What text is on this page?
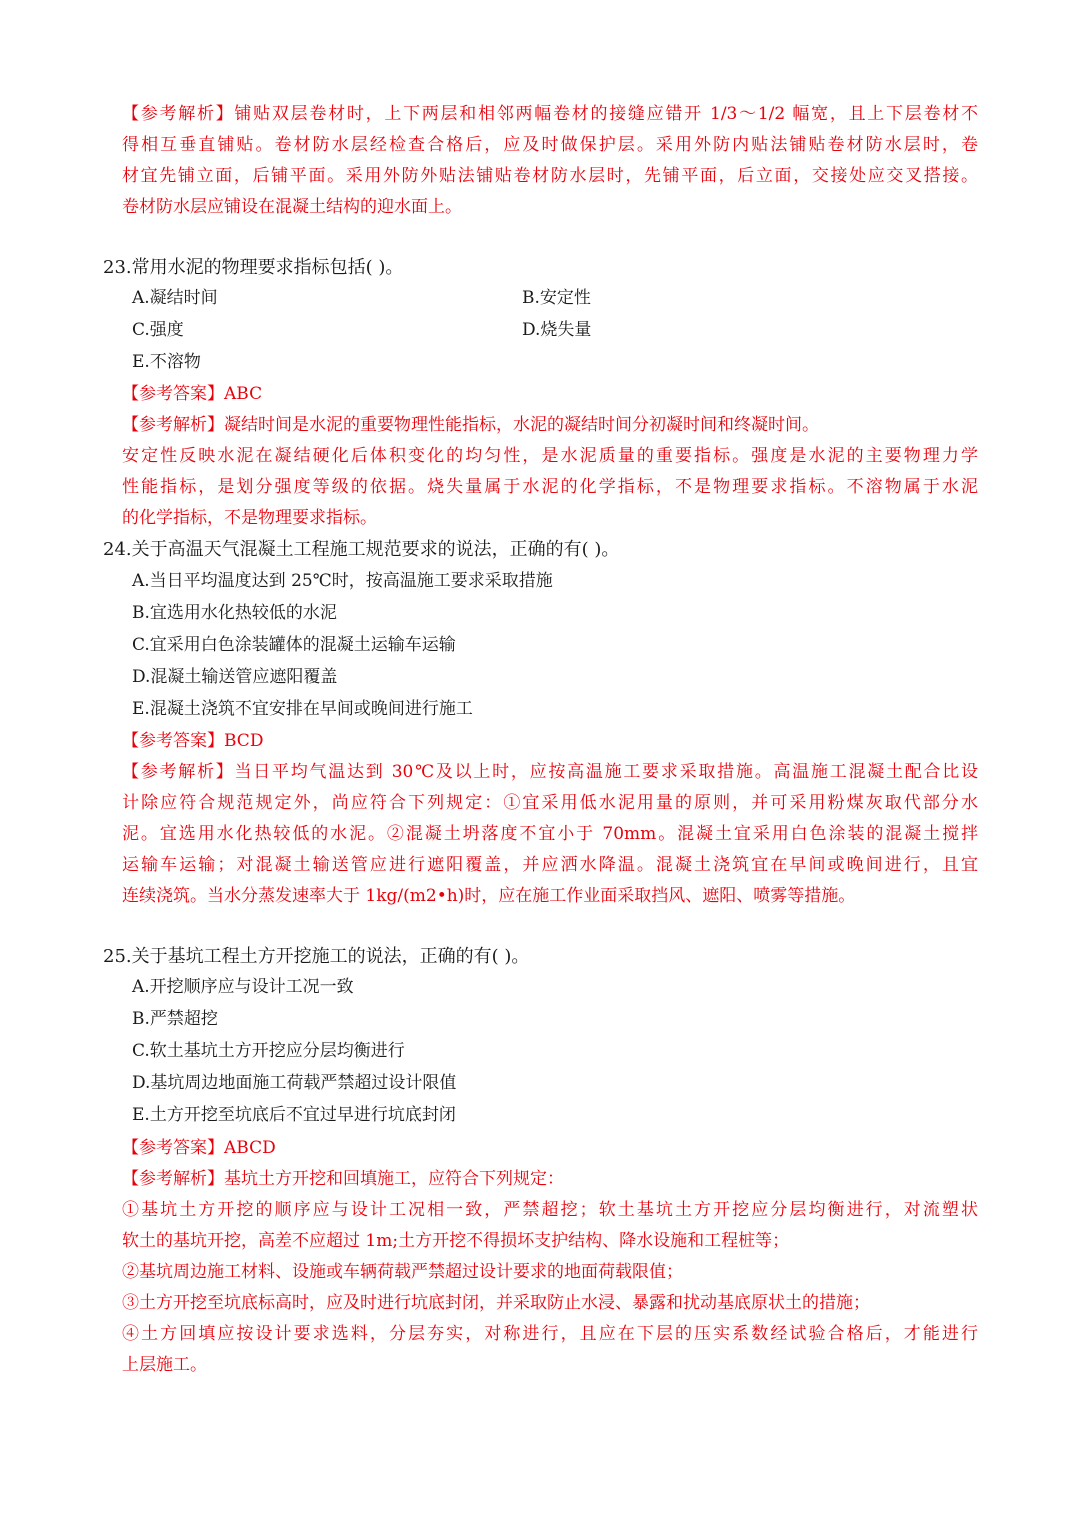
【参考解析】铺贴双层卷材时，上下两层和相邻两幅卷材的接缝应错开 1/3～1/2 幅宽，且上下层卷材不
得相互垂直铺贴。卷材防水层经检查合格后，应及时做保护层。采用外防内贴法铺贴卷材防水层时，卷
材宜先铺立面，后铺平面。采用外防外贴法铺贴卷材防水层时，先铺平面，后立面，交接处应交叉搭接。
卷材防水层应铺设在混凝土结构的迎水面上。
23.常用水泥的物理要求指标包括( )。
A.凝结时间	B.安定性
C.强度	D.烧失量
E.不溶物
【参考答案】ABC
【参考解析】凝结时间是水泥的重要物理性能指标，水泥的凝结时间分初凝时间和终凝时间。
安定性反映水泥在凝结硬化后体积变化的均匀性，是水泥质量的重要指标。强度是水泥的主要物理力学
性能指标，是划分强度等级的依据。烧失量属于水泥的化学指标，不是物理要求指标。不溶物属于水泥
的化学指标，不是物理要求指标。
24.关于高温天气混凝土工程施工规范要求的说法，正确的有( )。
A.当日平均温度达到 25℃时，按高温施工要求采取措施
B.宜选用水化热较低的水泥
C.宜采用白色涂装罐体的混凝土运输车运输
D.混凝土输送管应遮阳覆盖
E.混凝土浇筑不宜安排在早间或晚间进行施工
【参考答案】BCD
【参考解析】当日平均气温达到 30℃及以上时，应按高温施工要求采取措施。高温施工混凝土配合比设
计除应符合规范规定外，尚应符合下列规定：①宜采用低水泥用量的原则，并可采用粉煤灰取代部分水
泥。宜选用水化热较低的水泥。②混凝土坍落度不宜小于 70mm。混凝土宜采用白色涂装的混凝土搅拌
运输车运输；对混凝土输送管应进行遮阳覆盖，并应洒水降温。混凝土浇筑宜在早间或晚间进行，且宜
连续浇筑。当水分蒸发速率大于 1kg/(m2•h)时，应在施工作业面采取挡风、遮阳、喷雾等措施。
25.关于基坑工程土方开挖施工的说法，正确的有( )。
A.开挖顺序应与设计工况一致
B.严禁超挖
C.软土基坑土方开挖应分层均衡进行
D.基坑周边地面施工荷载严禁超过设计限值
E.土方开挖至坑底后不宜过早进行坑底封闭
【参考答案】ABCD
【参考解析】基坑土方开挖和回填施工，应符合下列规定：
①基坑土方开挖的顺序应与设计工况相一致，严禁超挖；软土基坑土方开挖应分层均衡进行，对流塑状
软土的基坑开挖，高差不应超过 1m;土方开挖不得损坏支护结构、降水设施和工程桩等；
②基坑周边施工材料、设施或车辆荷载严禁超过设计要求的地面荷载限值；
③土方开挖至坑底标高时，应及时进行坑底封闭，并采取防止水浸、暴露和扰动基底原状土的措施；
④土方回填应按设计要求选料，分层夯实，对称进行，且应在下层的压实系数经试验合格后，才能进行
上层施工。
